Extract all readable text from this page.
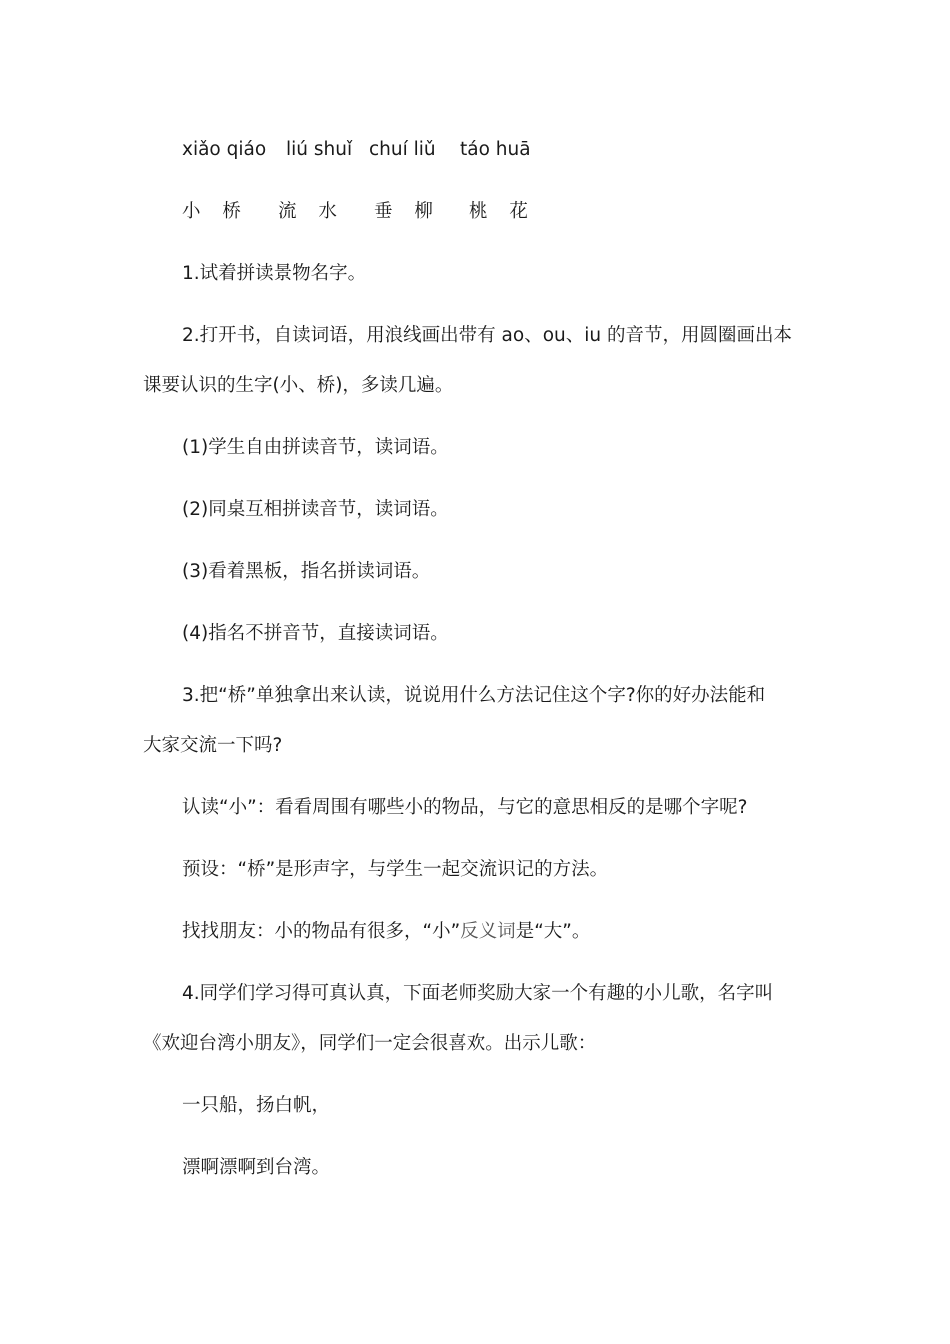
xiǎo qiáo liú shuǐ chuí liǔ táo huā
小 桥 流 水 垂 柳 桃 花
1.试着拼读景物名字。
2.打开书，自读词语，用浪线画出带有 ao、ou、iu 的音节，用圆圈画出本
课要认识的生字(小、桥)，多读几遍。
(1)学生自由拼读音节，读词语。
(2)同桌互相拼读音节，读词语。
(3)看着黑板，指名拼读词语。
(4)指名不拼音节，直接读词语。
3.把“桥”单独拿出来认读，说说用什么方法记住这个字?你的好办法能和
大家交流一下吗?
认读“小”：看看周围有哪些小的物品，与它的意思相反的是哪个字呢?
预设：“桥”是形声字，与学生一起交流识记的方法。
找找朋友：小的物品有很多，“小”反义词是“大”。
4.同学们学习得可真认真，下面老师奖励大家一个有趣的小儿歌，名字叫
《欢迎台湾小朋友》，同学们一定会很喜欢。出示儿歌：
一只船，扬白帆，
漂啊漂啊到台湾。
